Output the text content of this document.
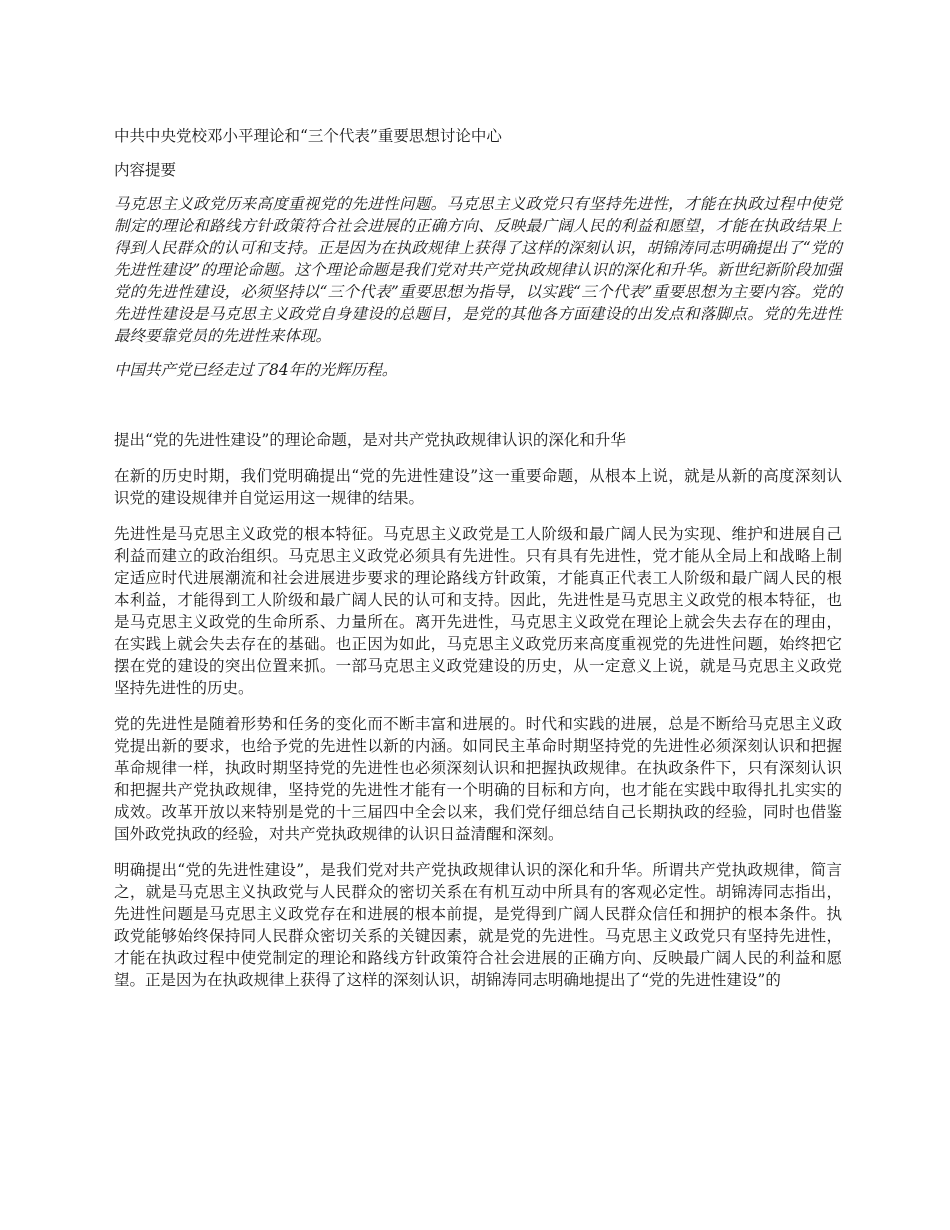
中共中央党校邓小平理论和“三个代表”重要思想讨论中心

内容提要

马克思主义政党历来高度重视党的先进性问题。马克思主义政党只有坚持先进性，才能在执政过程中使党制定的理论和路线方针政策符合社会进展的正确方向、反映最广阔人民的利益和愿望，才能在执政结果上得到人民群众的认可和支持。正是因为在执政规律上获得了这样的深刻认识，胡锦涛同志明确提出了“党的先进性建设”的理论命题。这个理论命题是我们党对共产党执政规律认识的深化和升华。新世纪新阶段加强党的先进性建设，必须坚持以“三个代表”重要思想为指导，以实践“三个代表”重要思想为主要内容。党的先进性建设是马克思主义政党自身建设的总题目，是党的其他各方面建设的出发点和落脚点。党的先进性最终要靠党员的先进性来体现。

中国共产党已经走过了84年的光辉历程。

提出“党的先进性建设”的理论命题，是对共产党执政规律认识的深化和升华

在新的历史时期，我们党明确提出“党的先进性建设”这一重要命题，从根本上说，就是从新的高度深刻认识党的建设规律并自觉运用这一规律的结果。

先进性是马克思主义政党的根本特征。马克思主义政党是工人阶级和最广阔人民为实现、维护和进展自己利益而建立的政治组织。马克思主义政党必须具有先进性。只有具有先进性，党才能从全局上和战略上制定适应时代进展潮流和社会进展进步要求的理论路线方针政策，才能真正代表工人阶级和最广阔人民的根本利益，才能得到工人阶级和最广阔人民的认可和支持。因此，先进性是马克思主义政党的根本特征，也是马克思主义政党的生命所系、力量所在。离开先进性，马克思主义政党在理论上就会失去存在的理由，在实践上就会失去存在的基础。也正因为如此，马克思主义政党历来高度重视党的先进性问题，始终把它摆在党的建设的突出位置来抓。一部马克思主义政党建设的历史，从一定意义上说，就是马克思主义政党坚持先进性的历史。

党的先进性是随着形势和任务的变化而不断丰富和进展的。时代和实践的进展，总是不断给马克思主义政党提出新的要求，也给予党的先进性以新的内涵。如同民主革命时期坚持党的先进性必须深刻认识和把握革命规律一样，执政时期坚持党的先进性也必须深刻认识和把握执政规律。在执政条件下，只有深刻认识和把握共产党执政规律，坚持党的先进性才能有一个明确的目标和方向，也才能在实践中取得扎扎实实的成效。改革开放以来特别是党的十三届四中全会以来，我们党仔细总结自己长期执政的经验，同时也借鉴国外政党执政的经验，对共产党执政规律的认识日益清醒和深刻。

明确提出“党的先进性建设”，是我们党对共产党执政规律认识的深化和升华。所谓共产党执政规律，简言之，就是马克思主义执政党与人民群众的密切关系在有机互动中所具有的客观必定性。胡锦涛同志指出，先进性问题是马克思主义政党存在和进展的根本前提，是党得到广阔人民群众信任和拥护的根本条件。执政党能够始终保持同人民群众密切关系的关键因素，就是党的先进性。马克思主义政党只有坚持先进性，才能在执政过程中使党制定的理论和路线方针政策符合社会进展的正确方向、反映最广阔人民的利益和愿望。正是因为在执政规律上获得了这样的深刻认识，胡锦涛同志明确地提出了“党的先进性建设”的
